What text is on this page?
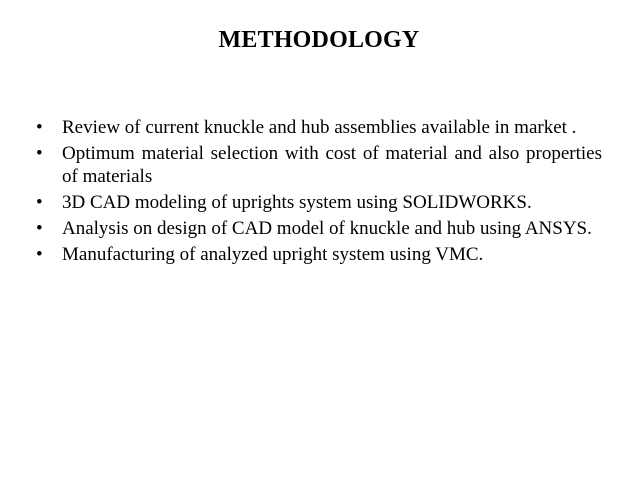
METHODOLOGY
•	Review of current knuckle and hub assemblies available in market .
•	Optimum material selection with cost of material and also properties of materials
•	3D CAD modeling of uprights system using SOLIDWORKS.
•	Analysis on design of CAD model of knuckle and hub using ANSYS.
•	Manufacturing of analyzed upright system using VMC.
